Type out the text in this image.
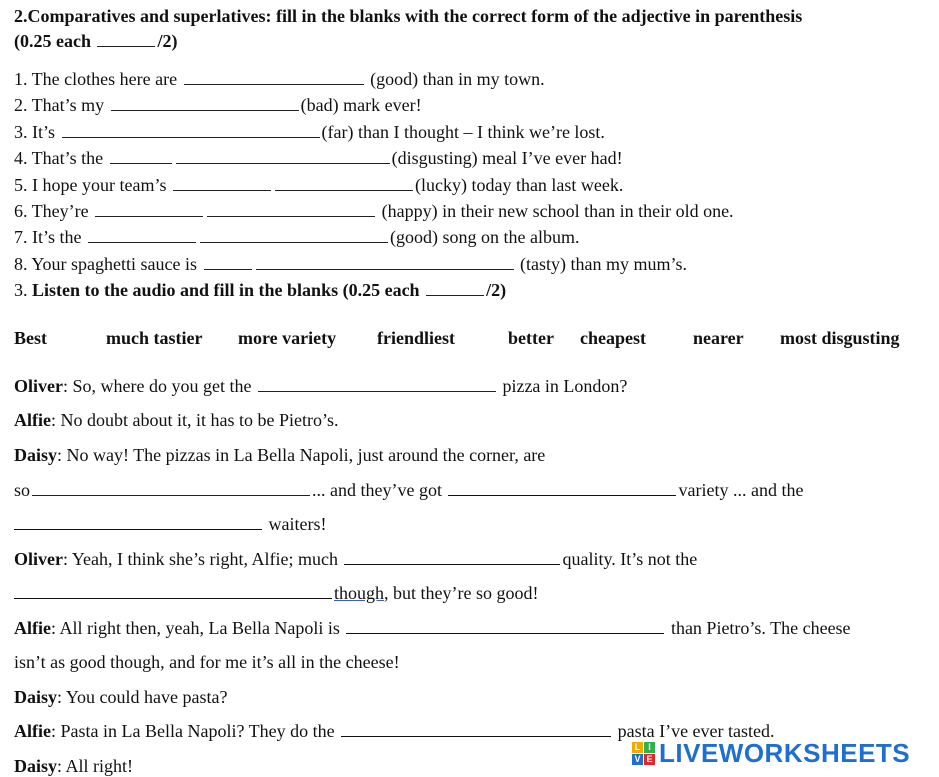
2.Comparatives and superlatives: fill in the blanks with the correct form of the adjective in parenthesis
(0.25 each	/2)
1. The clothes here are	(good) than in my town.
2. That’s my	(bad) mark ever!
3. It’s	(far) than I thought – I think we’re lost.
4. That’s the	(disgusting) meal I’ve ever had!
5. I hope your team’s	(lucky) today than last week.
6. They’re	(happy) in their new school than in their old one.
7. It’s the	(good) song on the album.
8. Your spaghetti sauce is	(tasty) than my mum’s.
3. Listen to the audio and fill in the blanks (0.25 each	/2)
Best	much tastier more variety friendliest	better cheapest	nearer most disgusting
Oliver: So, where do you get the	pizza in London?
Alfie: No doubt about it, it has to be Pietro’s.
Daisy: No way! The pizzas in La Bella Napoli, just around the corner, are
so	... and they’ve got	variety ... and the
waiters!
Oliver: Yeah, I think she’s right, Alfie; much	quality. It’s not the
though, but they’re so good!
Alfie: All right then, yeah, La Bella Napoli is	than Pietro’s. The cheese
isn’t as good though, and for me it’s all in the cheese!
Daisy: You could have pasta?
Alfie: Pasta in La Bella Napoli? They do the	pasta I’ve ever tasted.
Daisy: All right!
L I
V E LIVEWORKSHEETS
